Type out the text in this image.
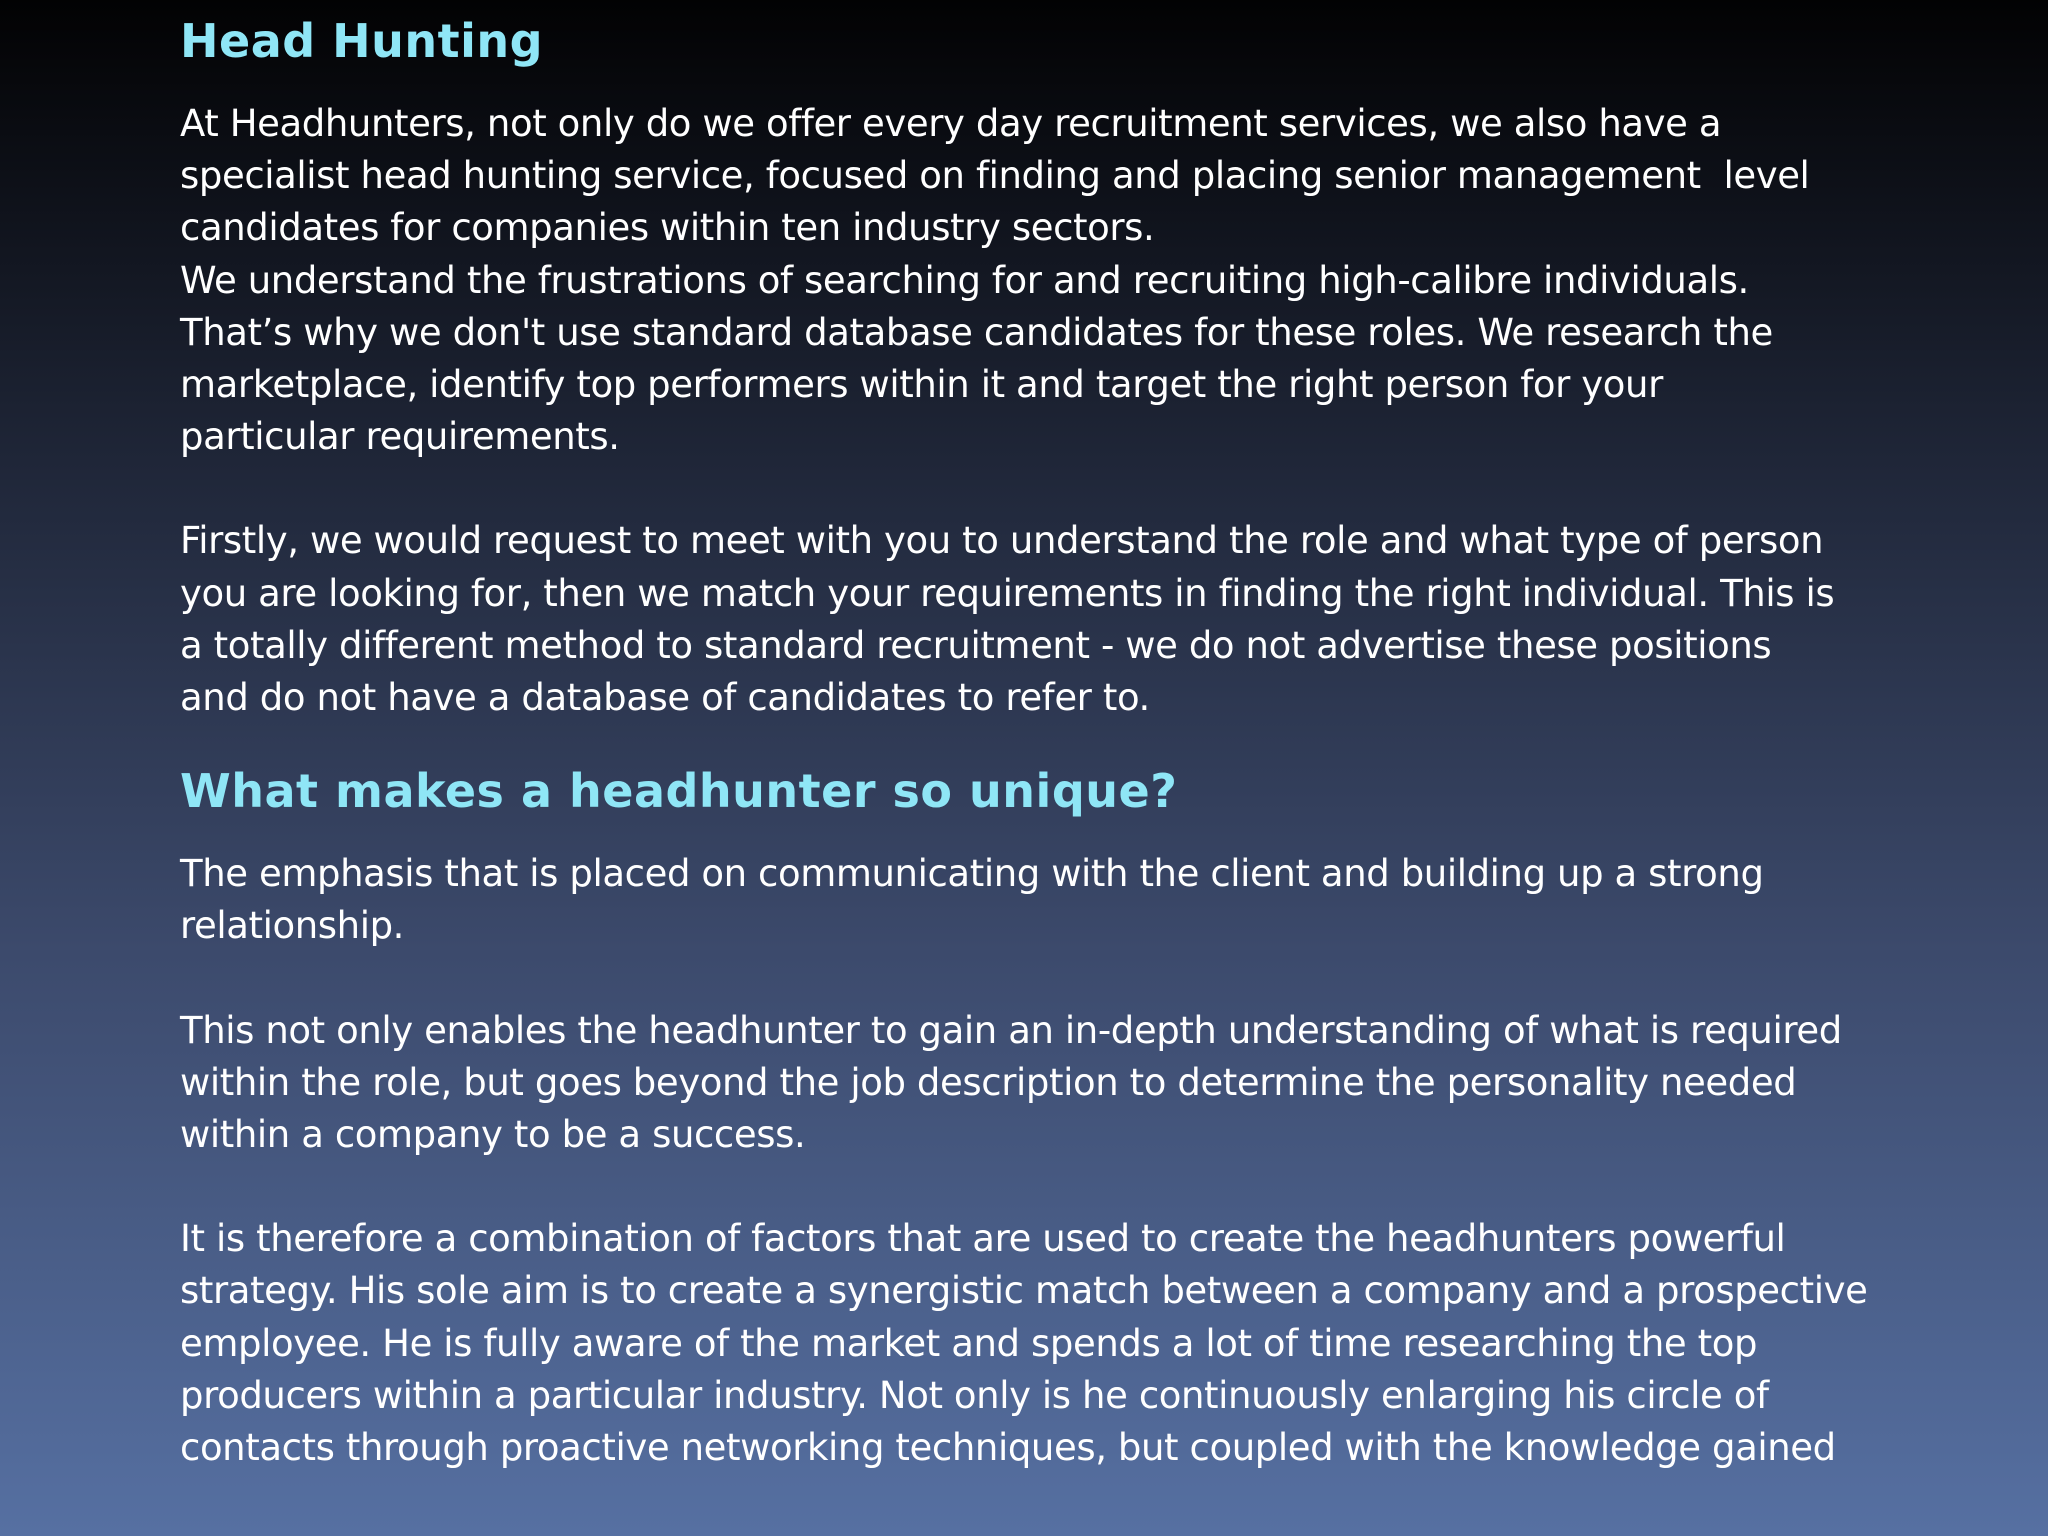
Head Hunting

At Headhunters, not only do we offer every day recruitment services, we also have a
specialist head hunting service, focused on finding and placing senior management  level
candidates for companies within ten industry sectors.
We understand the frustrations of searching for and recruiting high-calibre individuals.
That’s why we don't use standard database candidates for these roles. We research the
marketplace, identify top performers within it and target the right person for your
particular requirements.

Firstly, we would request to meet with you to understand the role and what type of person
you are looking for, then we match your requirements in finding the right individual. This is
a totally different method to standard recruitment - we do not advertise these positions
and do not have a database of candidates to refer to.

What makes a headhunter so unique?

The emphasis that is placed on communicating with the client and building up a strong
relationship.

This not only enables the headhunter to gain an in-depth understanding of what is required
within the role, but goes beyond the job description to determine the personality needed
within a company to be a success.

It is therefore a combination of factors that are used to create the headhunters powerful
strategy. His sole aim is to create a synergistic match between a company and a prospective
employee. He is fully aware of the market and spends a lot of time researching the top
producers within a particular industry. Not only is he continuously enlarging his circle of
contacts through proactive networking techniques, but coupled with the knowledge gained
